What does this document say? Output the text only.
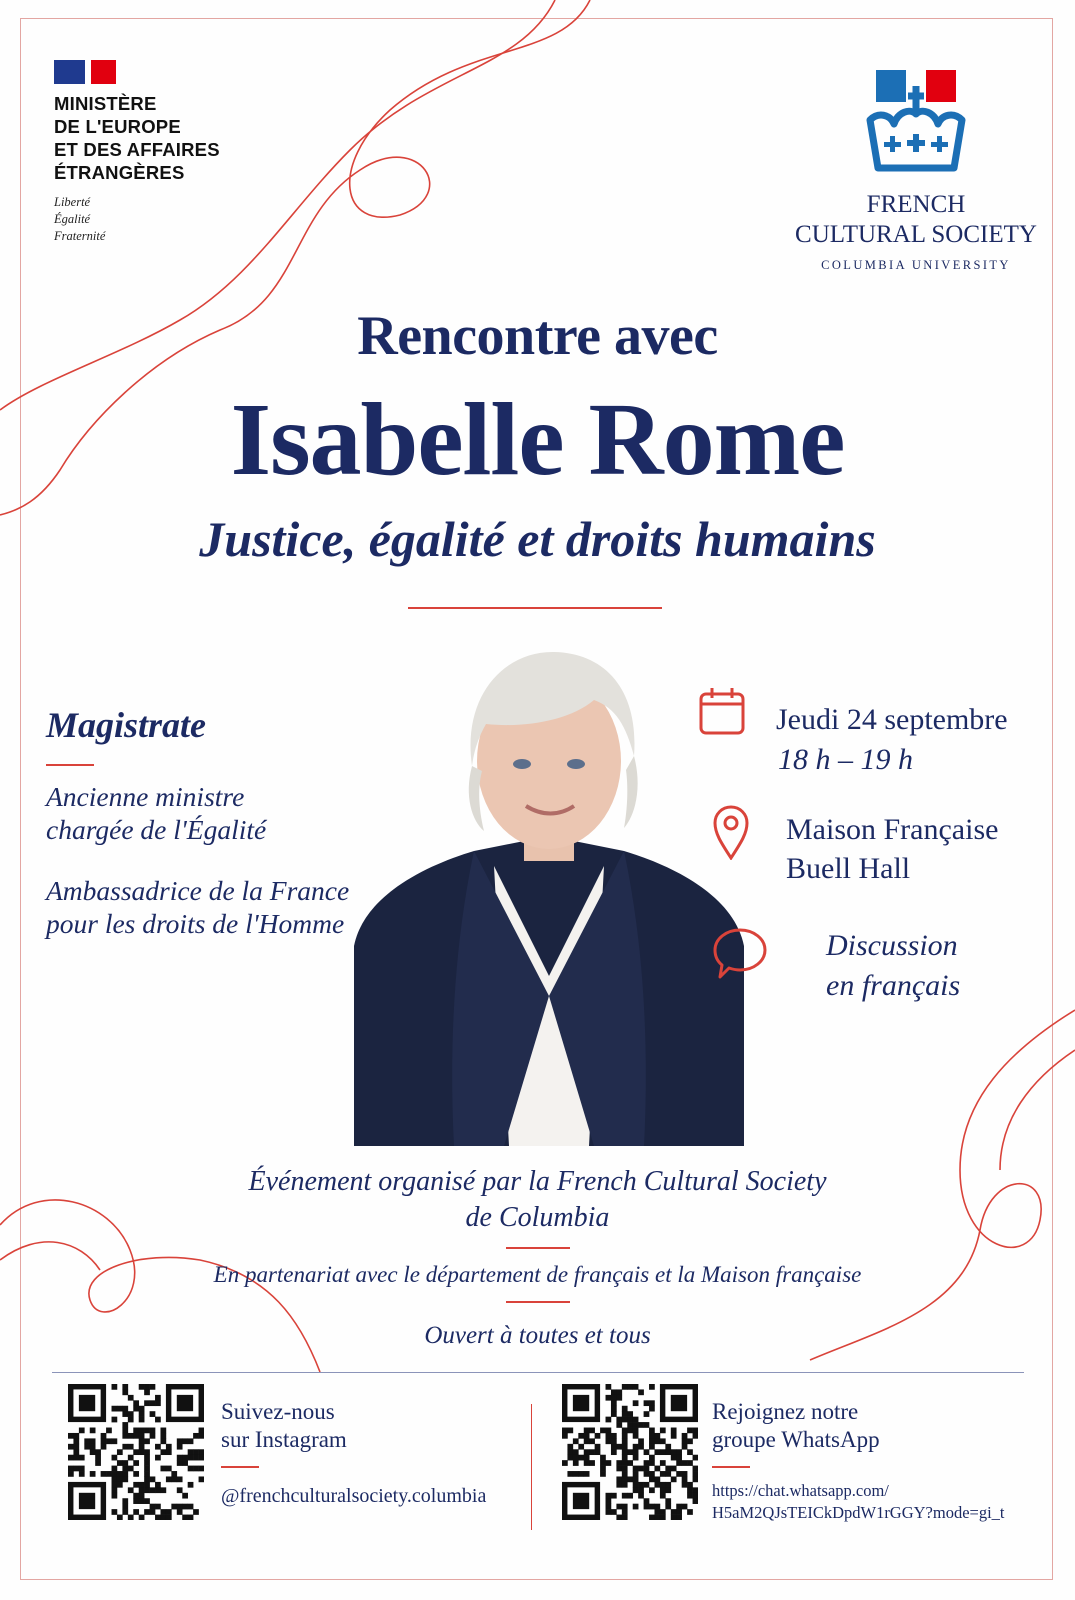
MINISTÈRE
DE L'EUROPE
ET DES AFFAIRES
ÉTRANGÈRES
Liberté
Égalité
Fraternité
FRENCH
CULTURAL SOCIETY
COLUMBIA UNIVERSITY
Rencontre avec
Isabelle Rome
Justice, égalité et droits humains
Magistrate
Ancienne ministre
chargée de l'Égalité
Ambassadrice de la France
pour les droits de l'Homme
Jeudi 24 septembre
18 h – 19 h
Maison Française
Buell Hall
Discussion
en français
Événement organisé par la French Cultural Society
de Columbia
En partenariat avec le département de français et la Maison française
Ouvert à toutes et tous
Suivez-nous
sur Instagram
@frenchculturalsociety.columbia
Rejoignez notre
groupe WhatsApp
https://chat.whatsapp.com/
H5aM2QJsTEICkDpdW1rGGY?mode=gi_t
